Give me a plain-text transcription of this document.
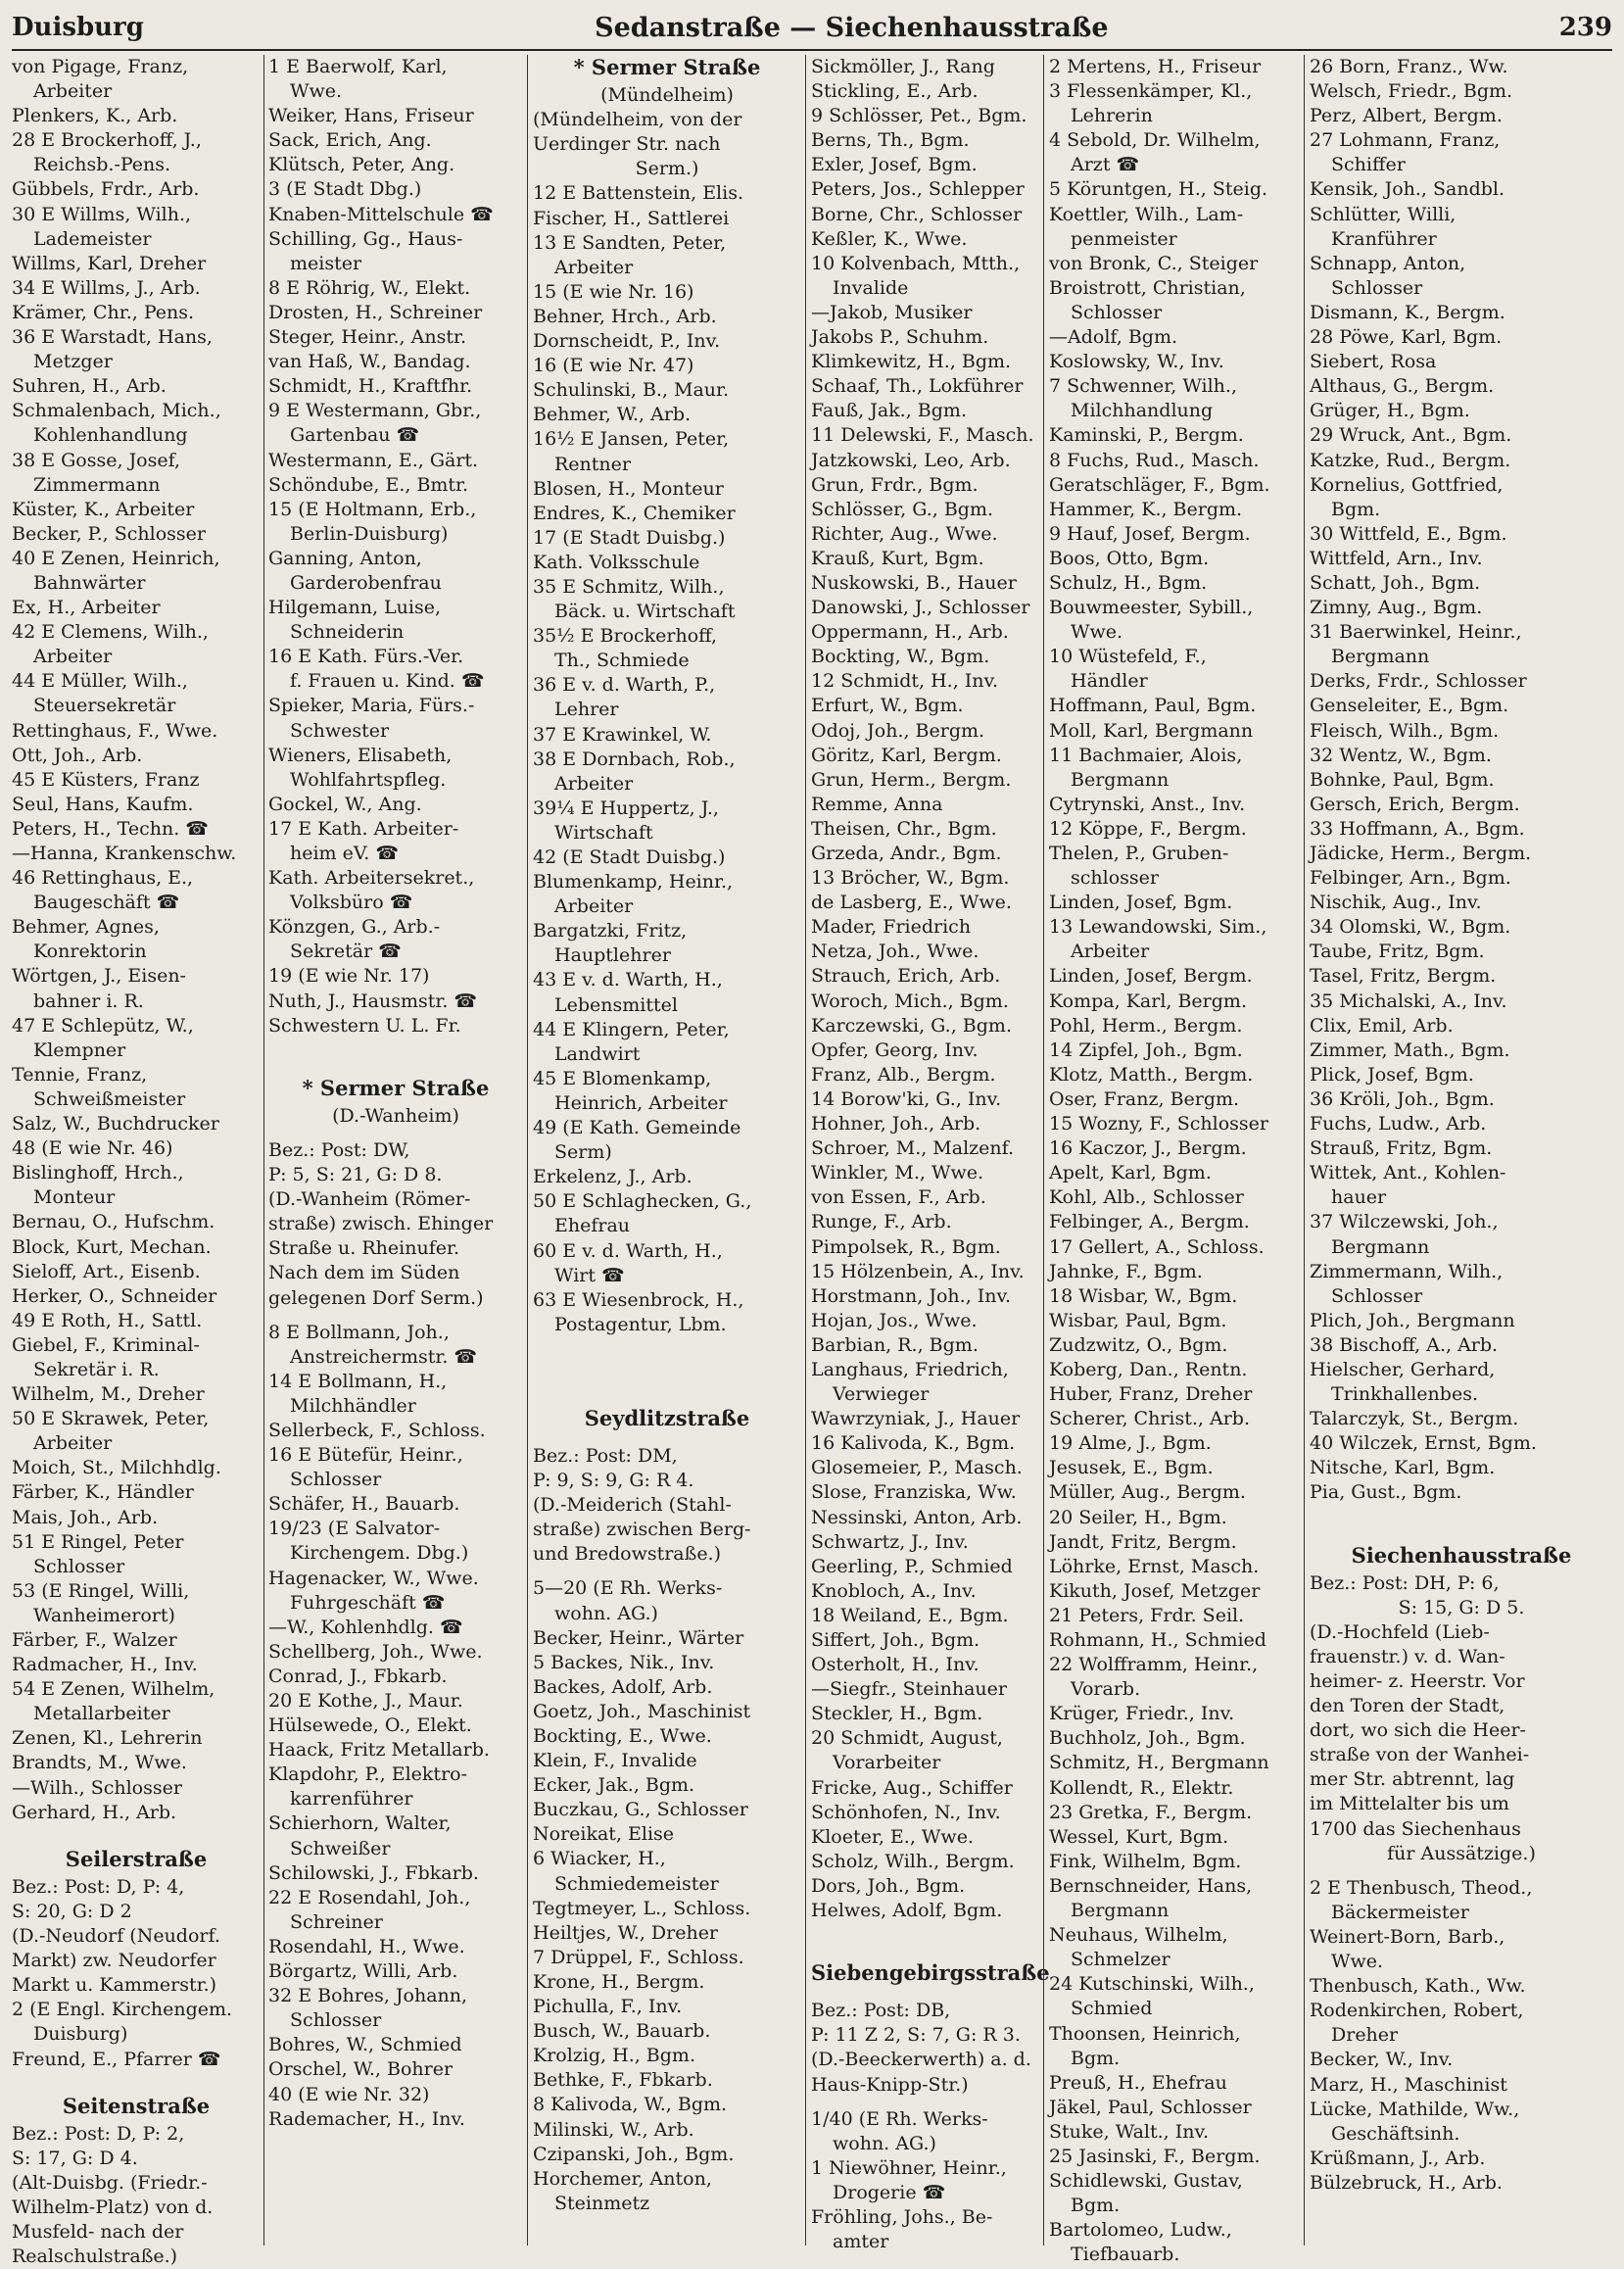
Duisburg	Sedanstraße — Siechenhausstraße	239
von Pigage, Franz,
Arbeiter
Plenkers, K., Arb.
28 E Brockerhoff, J.,
Reichsb.-Pens.
Gübbels, Frdr., Arb.
30 E Willms, Wilh.,
Lademeister
Willms, Karl, Dreher
34 E Willms, J., Arb.
Krämer, Chr., Pens.
36 E Warstadt, Hans,
Metzger
Suhren, H., Arb.
Schmalenbach, Mich.,
Kohlenhandlung
38 E Gosse, Josef,
Zimmermann
Küster, K., Arbeiter
Becker, P., Schlosser
40 E Zenen, Heinrich,
Bahnwärter
Ex, H., Arbeiter
42 E Clemens, Wilh.,
Arbeiter
44 E Müller, Wilh.,
Steuersekretär
Rettinghaus, F., Wwe.
Ott, Joh., Arb.
45 E Küsters, Franz
Seul, Hans, Kaufm.
Peters, H., Techn. ☎
—Hanna, Krankenschw.
46 Rettinghaus, E.,
Baugeschäft ☎
Behmer, Agnes,
Konrektorin
Wörtgen, J., Eisen-
bahner i. R.
47 E Schlepütz, W.,
Klempner
Tennie, Franz,
Schweißmeister
Salz, W., Buchdrucker
48 (E wie Nr. 46)
Bislinghoff, Hrch.,
Monteur
Bernau, O., Hufschm.
Block, Kurt, Mechan.
Sieloff, Art., Eisenb.
Herker, O., Schneider
49 E Roth, H., Sattl.
Giebel, F., Kriminal-
Sekretär i. R.
Wilhelm, M., Dreher
50 E Skrawek, Peter,
Arbeiter
Moich, St., Milchhdlg.
Färber, K., Händler
Mais, Joh., Arb.
51 E Ringel, Peter
Schlosser
53 (E Ringel, Willi,
Wanheimerort)
Färber, F., Walzer
Radmacher, H., Inv.
54 E Zenen, Wilhelm,
Metallarbeiter
Zenen, Kl., Lehrerin
Brandts, M., Wwe.
—Wilh., Schlosser
Gerhard, H., Arb.
Seilerstraße
Bez.: Post: D, P: 4,
S: 20, G: D 2
(D.-Neudorf (Neudorf.
Markt) zw. Neudorfer
Markt u. Kammerstr.)
2 (E Engl. Kirchengem.
Duisburg)
Freund, E., Pfarrer ☎
Seitenstraße
Bez.: Post: D, P: 2,
S: 17, G: D 4.
(Alt-Duisbg. (Friedr.-
Wilhelm-Platz) von d.
Musfeld- nach der
Realschulstraße.)
1 E Baerwolf, Karl,
Wwe.
Weiker, Hans, Friseur
Sack, Erich, Ang.
Klütsch, Peter, Ang.
3 (E Stadt Dbg.)
Knaben-Mittelschule ☎
Schilling, Gg., Haus-
meister
8 E Röhrig, W., Elekt.
Drosten, H., Schreiner
Steger, Heinr., Anstr.
van Haß, W., Bandag.
Schmidt, H., Kraftfhr.
9 E Westermann, Gbr.,
Gartenbau ☎
Westermann, E., Gärt.
Schöndube, E., Bmtr.
15 (E Holtmann, Erb.,
Berlin-Duisburg)
Ganning, Anton,
Garderobenfrau
Hilgemann, Luise,
Schneiderin
16 E Kath. Fürs.-Ver.
f. Frauen u. Kind. ☎
Spieker, Maria, Fürs.-
Schwester
Wieners, Elisabeth,
Wohlfahrtspfleg.
Gockel, W., Ang.
17 E Kath. Arbeiter-
heim eV. ☎
Kath. Arbeitersekret.,
Volksbüro ☎
Könzgen, G., Arb.-
Sekretär ☎
19 (E wie Nr. 17)
Nuth, J., Hausmstr. ☎
Schwestern U. L. Fr.
* Sermer Straße
(D.-Wanheim)
Bez.: Post: DW,
P: 5, S: 21, G: D 8.
(D.-Wanheim (Römer-
straße) zwisch. Ehinger
Straße u. Rheinufer.
Nach dem im Süden
gelegenen Dorf Serm.)
8 E Bollmann, Joh.,
Anstreichermstr. ☎
14 E Bollmann, H.,
Milchhändler
Sellerbeck, F., Schloss.
16 E Bütefür, Heinr.,
Schlosser
Schäfer, H., Bauarb.
19/23 (E Salvator-
Kirchengem. Dbg.)
Hagenacker, W., Wwe.
Fuhrgeschäft ☎
—W., Kohlenhdlg. ☎
Schellberg, Joh., Wwe.
Conrad, J., Fbkarb.
20 E Kothe, J., Maur.
Hülsewede, O., Elekt.
Haack, Fritz Metallarb.
Klapdohr, P., Elektro-
karrenführer
Schierhorn, Walter,
Schweißer
Schilowski, J., Fbkarb.
22 E Rosendahl, Joh.,
Schreiner
Rosendahl, H., Wwe.
Börgartz, Willi, Arb.
32 E Bohres, Johann,
Schlosser
Bohres, W., Schmied
Orschel, W., Bohrer
40 (E wie Nr. 32)
Rademacher, H., Inv.
* Sermer Straße
(Mündelheim)
(Mündelheim, von der
Uerdinger Str. nach
Serm.)
12 E Battenstein, Elis.
Fischer, H., Sattlerei
13 E Sandten, Peter,
Arbeiter
15 (E wie Nr. 16)
Behner, Hrch., Arb.
Dornscheidt, P., Inv.
16 (E wie Nr. 47)
Schulinski, B., Maur.
Behmer, W., Arb.
16½ E Jansen, Peter,
Rentner
Blosen, H., Monteur
Endres, K., Chemiker
17 (E Stadt Duisbg.)
Kath. Volksschule
35 E Schmitz, Wilh.,
Bäck. u. Wirtschaft
35½ E Brockerhoff,
Th., Schmiede
36 E v. d. Warth, P.,
Lehrer
37 E Krawinkel, W.
38 E Dornbach, Rob.,
Arbeiter
39¼ E Huppertz, J.,
Wirtschaft
42 (E Stadt Duisbg.)
Blumenkamp, Heinr.,
Arbeiter
Bargatzki, Fritz,
Hauptlehrer
43 E v. d. Warth, H.,
Lebensmittel
44 E Klingern, Peter,
Landwirt
45 E Blomenkamp,
Heinrich, Arbeiter
49 (E Kath. Gemeinde
Serm)
Erkelenz, J., Arb.
50 E Schlaghecken, G.,
Ehefrau
60 E v. d. Warth, H.,
Wirt ☎
63 E Wiesenbrock, H.,
Postagentur, Lbm.
Seydlitzstraße
Bez.: Post: DM,
P: 9, S: 9, G: R 4.
(D.-Meiderich (Stahl-
straße) zwischen Berg-
und Bredowstraße.)
5—20 (E Rh. Werks-
wohn. AG.)
Becker, Heinr., Wärter
5 Backes, Nik., Inv.
Backes, Adolf, Arb.
Goetz, Joh., Maschinist
Bockting, E., Wwe.
Klein, F., Invalide
Ecker, Jak., Bgm.
Buczkau, G., Schlosser
Noreikat, Elise
6 Wiacker, H.,
Schmiedemeister
Tegtmeyer, L., Schloss.
Heiltjes, W., Dreher
7 Drüppel, F., Schloss.
Krone, H., Bergm.
Pichulla, F., Inv.
Busch, W., Bauarb.
Krolzig, H., Bgm.
Bethke, F., Fbkarb.
8 Kalivoda, W., Bgm.
Milinski, W., Arb.
Czipanski, Joh., Bgm.
Horchemer, Anton,
Steinmetz
Sickmöller, J., Rang
Stickling, E., Arb.
9 Schlösser, Pet., Bgm.
Berns, Th., Bgm.
Exler, Josef, Bgm.
Peters, Jos., Schlepper
Borne, Chr., Schlosser
Keßler, K., Wwe.
10 Kolvenbach, Mtth.,
Invalide
—Jakob, Musiker
Jakobs P., Schuhm.
Klimkewitz, H., Bgm.
Schaaf, Th., Lokführer
Fauß, Jak., Bgm.
11 Delewski, F., Masch.
Jatzkowski, Leo, Arb.
Grun, Frdr., Bgm.
Schlösser, G., Bgm.
Richter, Aug., Wwe.
Krauß, Kurt, Bgm.
Nuskowski, B., Hauer
Danowski, J., Schlosser
Oppermann, H., Arb.
Bockting, W., Bgm.
12 Schmidt, H., Inv.
Erfurt, W., Bgm.
Odoj, Joh., Bergm.
Göritz, Karl, Bergm.
Grun, Herm., Bergm.
Remme, Anna
Theisen, Chr., Bgm.
Grzeda, Andr., Bgm.
13 Bröcher, W., Bgm.
de Lasberg, E., Wwe.
Mader, Friedrich
Netza, Joh., Wwe.
Strauch, Erich, Arb.
Woroch, Mich., Bgm.
Karczewski, G., Bgm.
Opfer, Georg, Inv.
Franz, Alb., Bergm.
14 Borow'ki, G., Inv.
Hohner, Joh., Arb.
Schroer, M., Malzenf.
Winkler, M., Wwe.
von Essen, F., Arb.
Runge, F., Arb.
Pimpolsek, R., Bgm.
15 Hölzenbein, A., Inv.
Horstmann, Joh., Inv.
Hojan, Jos., Wwe.
Barbian, R., Bgm.
Langhaus, Friedrich,
Verwieger
Wawrzyniak, J., Hauer
16 Kalivoda, K., Bgm.
Glosemeier, P., Masch.
Slose, Franziska, Ww.
Nessinski, Anton, Arb.
Schwartz, J., Inv.
Geerling, P., Schmied
Knobloch, A., Inv.
18 Weiland, E., Bgm.
Siffert, Joh., Bgm.
Osterholt, H., Inv.
—Siegfr., Steinhauer
Steckler, H., Bgm.
20 Schmidt, August,
Vorarbeiter
Fricke, Aug., Schiffer
Schönhofen, N., Inv.
Kloeter, E., Wwe.
Scholz, Wilh., Bergm.
Dors, Joh., Bgm.
Helwes, Adolf, Bgm.
Siebengebirgsstraße
Bez.: Post: DB,
P: 11 Z 2, S: 7, G: R 3.
(D.-Beeckerwerth) a. d.
Haus-Knipp-Str.)
1/40 (E Rh. Werks-
wohn. AG.)
1 Niewöhner, Heinr.,
Drogerie ☎
Fröhling, Johs., Be-
amter
2 Mertens, H., Friseur
3 Flessenkämper, Kl.,
Lehrerin
4 Sebold, Dr. Wilhelm,
Arzt ☎
5 Köruntgen, H., Steig.
Koettler, Wilh., Lam-
penmeister
von Bronk, C., Steiger
Broistrott, Christian,
Schlosser
—Adolf, Bgm.
Koslowsky, W., Inv.
7 Schwenner, Wilh.,
Milchhandlung
Kaminski, P., Bergm.
8 Fuchs, Rud., Masch.
Geratschläger, F., Bgm.
Hammer, K., Bergm.
9 Hauf, Josef, Bergm.
Boos, Otto, Bgm.
Schulz, H., Bgm.
Bouwmeester, Sybill.,
Wwe.
10 Wüstefeld, F.,
Händler
Hoffmann, Paul, Bgm.
Moll, Karl, Bergmann
11 Bachmaier, Alois,
Bergmann
Cytrynski, Anst., Inv.
12 Köppe, F., Bergm.
Thelen, P., Gruben-
schlosser
Linden, Josef, Bgm.
13 Lewandowski, Sim.,
Arbeiter
Linden, Josef, Bergm.
Kompa, Karl, Bergm.
Pohl, Herm., Bergm.
14 Zipfel, Joh., Bgm.
Klotz, Matth., Bergm.
Oser, Franz, Bergm.
15 Wozny, F., Schlosser
16 Kaczor, J., Bergm.
Apelt, Karl, Bgm.
Kohl, Alb., Schlosser
Felbinger, A., Bergm.
17 Gellert, A., Schloss.
Jahnke, F., Bgm.
18 Wisbar, W., Bgm.
Wisbar, Paul, Bgm.
Zudzwitz, O., Bgm.
Koberg, Dan., Rentn.
Huber, Franz, Dreher
Scherer, Christ., Arb.
19 Alme, J., Bgm.
Jesusek, E., Bgm.
Müller, Aug., Bergm.
20 Seiler, H., Bgm.
Jandt, Fritz, Bergm.
Löhrke, Ernst, Masch.
Kikuth, Josef, Metzger
21 Peters, Frdr. Seil.
Rohmann, H., Schmied
22 Wolfframm, Heinr.,
Vorarb.
Krüger, Friedr., Inv.
Buchholz, Joh., Bgm.
Schmitz, H., Bergmann
Kollendt, R., Elektr.
23 Gretka, F., Bergm.
Wessel, Kurt, Bgm.
Fink, Wilhelm, Bgm.
Bernschneider, Hans,
Bergmann
Neuhaus, Wilhelm,
Schmelzer
24 Kutschinski, Wilh.,
Schmied
Thoonsen, Heinrich,
Bgm.
Preuß, H., Ehefrau
Jäkel, Paul, Schlosser
Stuke, Walt., Inv.
25 Jasinski, F., Bergm.
Schidlewski, Gustav,
Bgm.
Bartolomeo, Ludw.,
Tiefbauarb.
26 Born, Franz., Ww.
Welsch, Friedr., Bgm.
Perz, Albert, Bergm.
27 Lohmann, Franz,
Schiffer
Kensik, Joh., Sandbl.
Schlütter, Willi,
Kranführer
Schnapp, Anton,
Schlosser
Dismann, K., Bergm.
28 Pöwe, Karl, Bgm.
Siebert, Rosa
Althaus, G., Bergm.
Grüger, H., Bgm.
29 Wruck, Ant., Bgm.
Katzke, Rud., Bergm.
Kornelius, Gottfried,
Bgm.
30 Wittfeld, E., Bgm.
Wittfeld, Arn., Inv.
Schatt, Joh., Bgm.
Zimny, Aug., Bgm.
31 Baerwinkel, Heinr.,
Bergmann
Derks, Frdr., Schlosser
Genseleiter, E., Bgm.
Fleisch, Wilh., Bgm.
32 Wentz, W., Bgm.
Bohnke, Paul, Bgm.
Gersch, Erich, Bergm.
33 Hoffmann, A., Bgm.
Jädicke, Herm., Bergm.
Felbinger, Arn., Bgm.
Nischik, Aug., Inv.
34 Olomski, W., Bgm.
Taube, Fritz, Bgm.
Tasel, Fritz, Bergm.
35 Michalski, A., Inv.
Clix, Emil, Arb.
Zimmer, Math., Bgm.
Plick, Josef, Bgm.
36 Kröli, Joh., Bgm.
Fuchs, Ludw., Arb.
Strauß, Fritz, Bgm.
Wittek, Ant., Kohlen-
hauer
37 Wilczewski, Joh.,
Bergmann
Zimmermann, Wilh.,
Schlosser
Plich, Joh., Bergmann
38 Bischoff, A., Arb.
Hielscher, Gerhard,
Trinkhallenbes.
Talarczyk, St., Bergm.
40 Wilczek, Ernst, Bgm.
Nitsche, Karl, Bgm.
Pia, Gust., Bgm.
Siechenhausstraße
Bez.: Post: DH, P: 6,
S: 15, G: D 5.
(D.-Hochfeld (Lieb-
frauenstr.) v. d. Wan-
heimer- z. Heerstr. Vor
den Toren der Stadt,
dort, wo sich die Heer-
straße von der Wanhei-
mer Str. abtrennt, lag
im Mittelalter bis um
1700 das Siechenhaus
für Aussätzige.)
2 E Thenbusch, Theod.,
Bäckermeister
Weinert-Born, Barb.,
Wwe.
Thenbusch, Kath., Ww.
Rodenkirchen, Robert,
Dreher
Becker, W., Inv.
Marz, H., Maschinist
Lücke, Mathilde, Ww.,
Geschäftsinh.
Krüßmann, J., Arb.
Bülzebruck, H., Arb.
